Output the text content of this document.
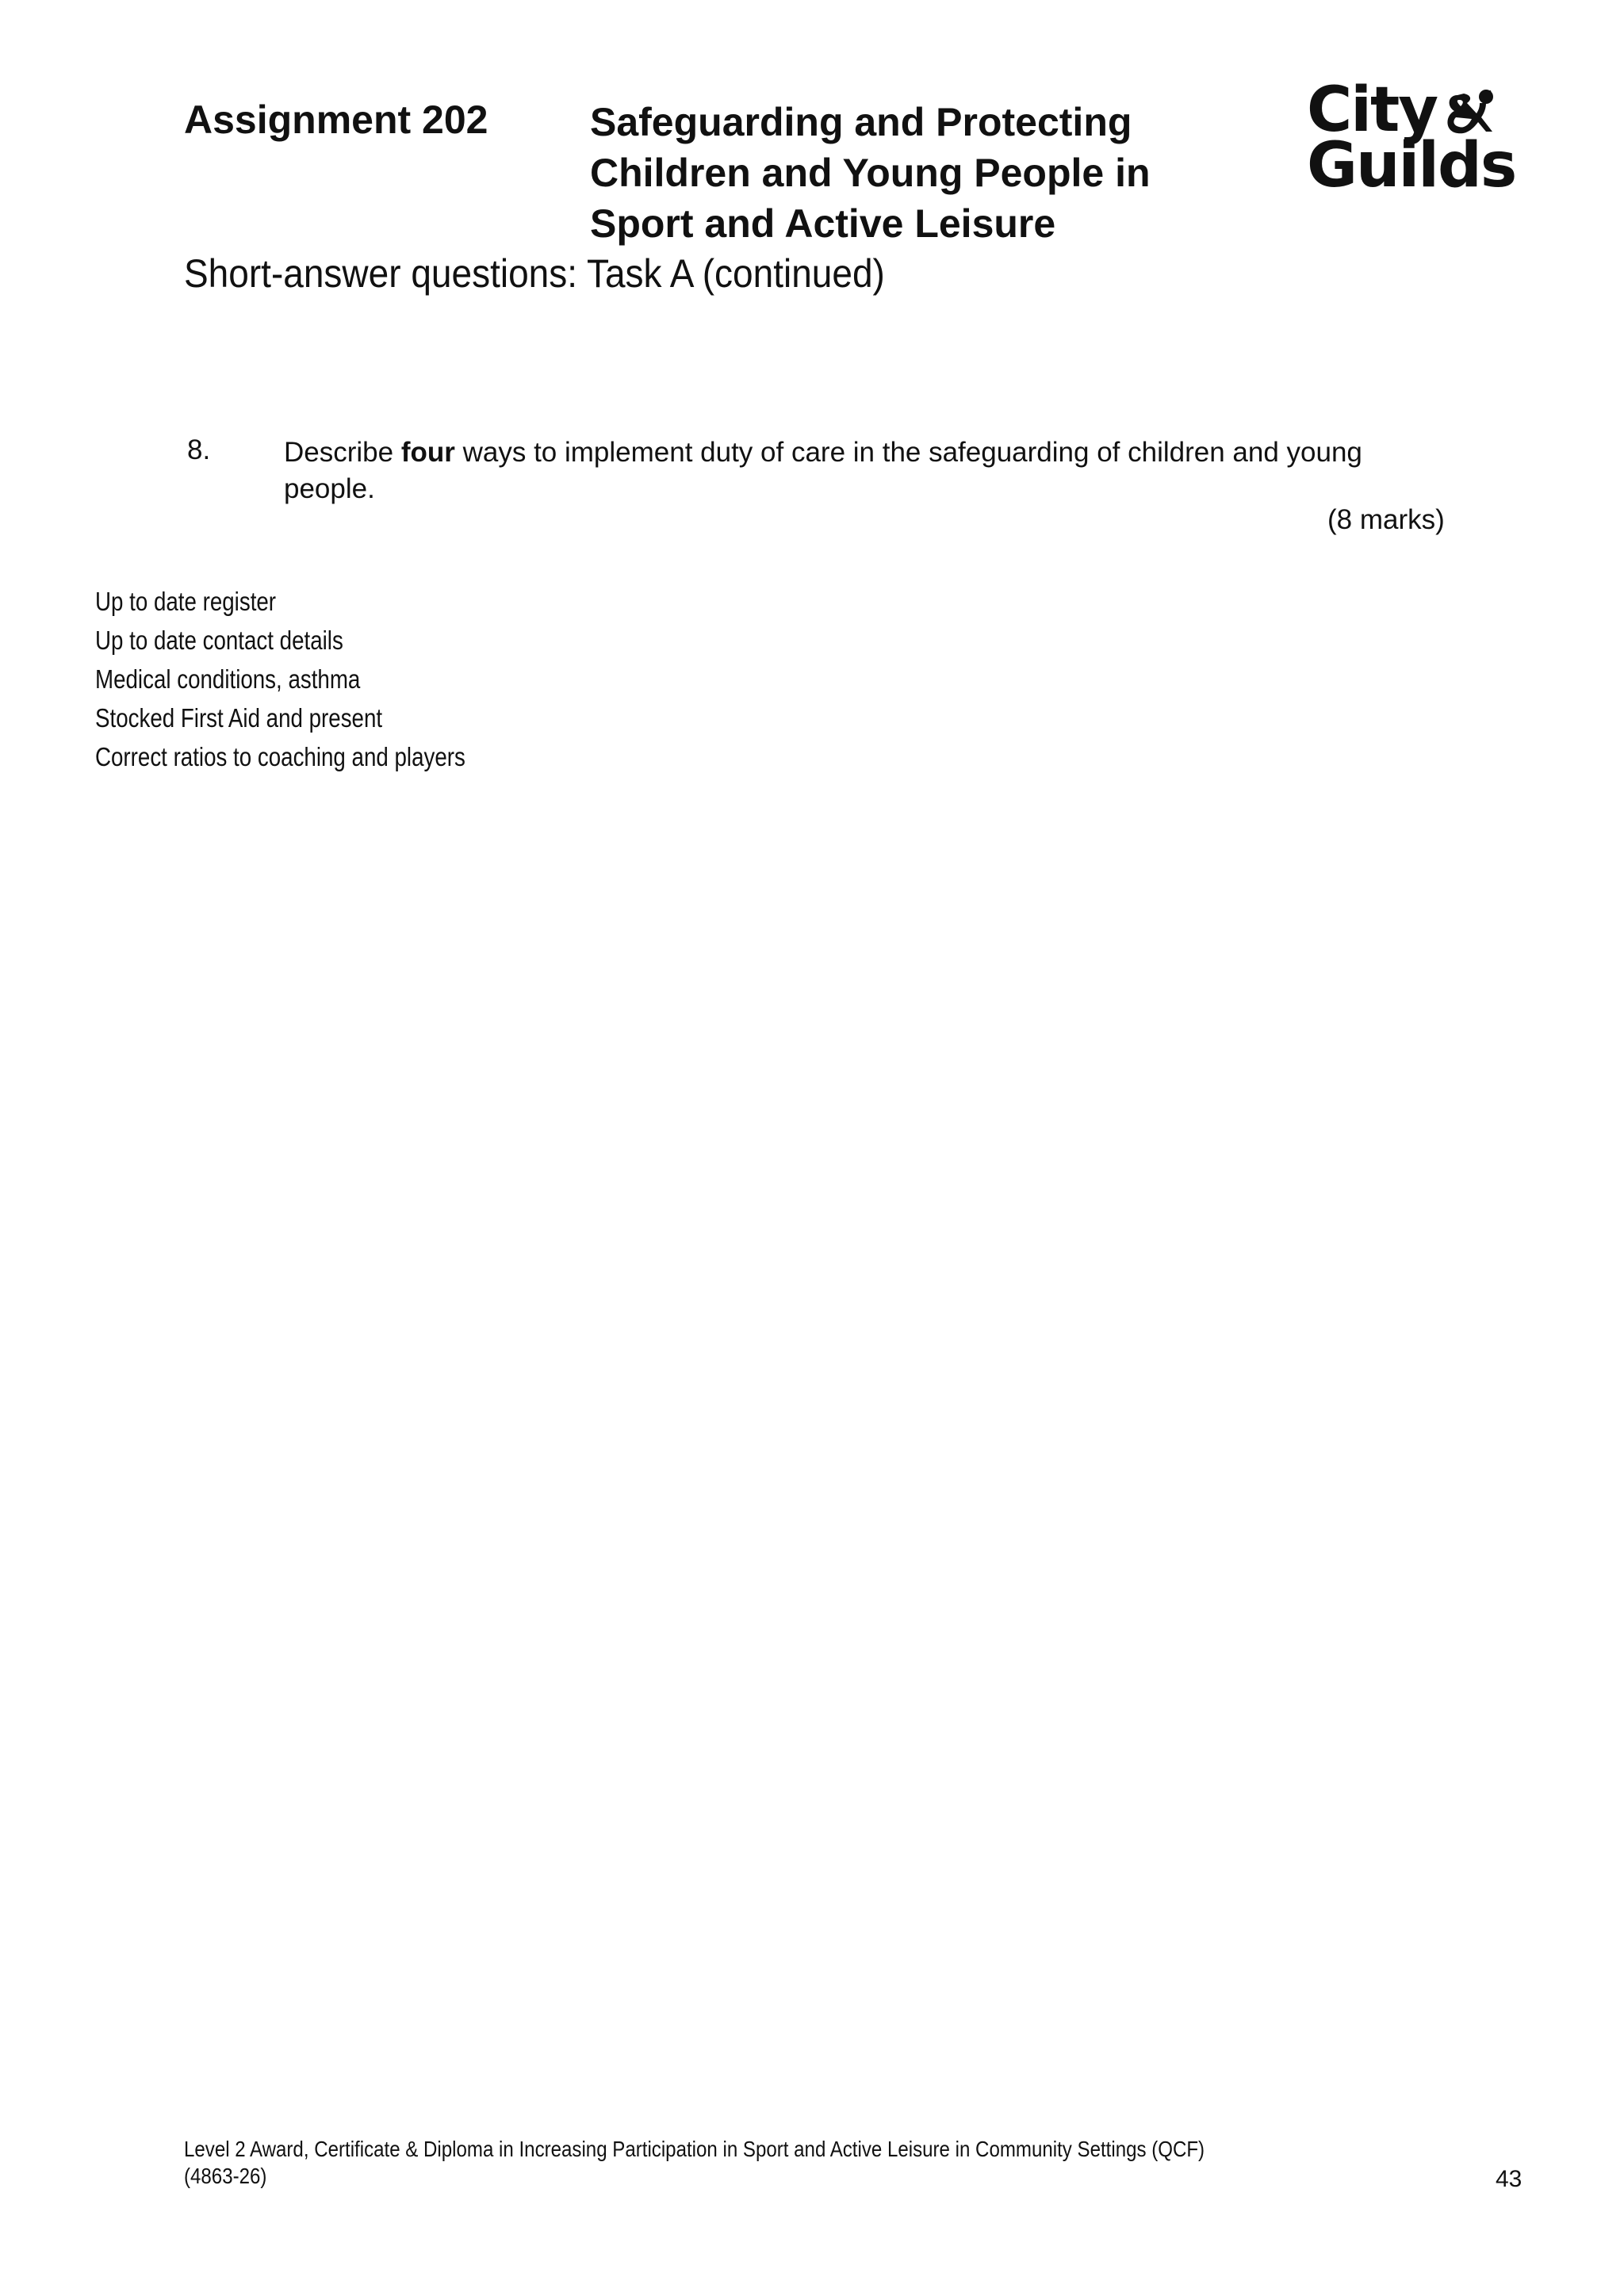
Assignment 202	Safeguarding and Protecting
Children and Young People in
Sport and Active Leisure
City
Guilds
Short-answer questions: Task A (continued)
8.	Describe four ways to implement duty of care in the safeguarding of children and young people.
(8 marks)
Up to date register
Up to date contact details
Medical conditions, asthma
Stocked First Aid and present
Correct ratios to coaching and players
Level 2 Award, Certificate & Diploma in Increasing Participation in Sport and Active Leisure in Community Settings (QCF)
(4863-26)	43
